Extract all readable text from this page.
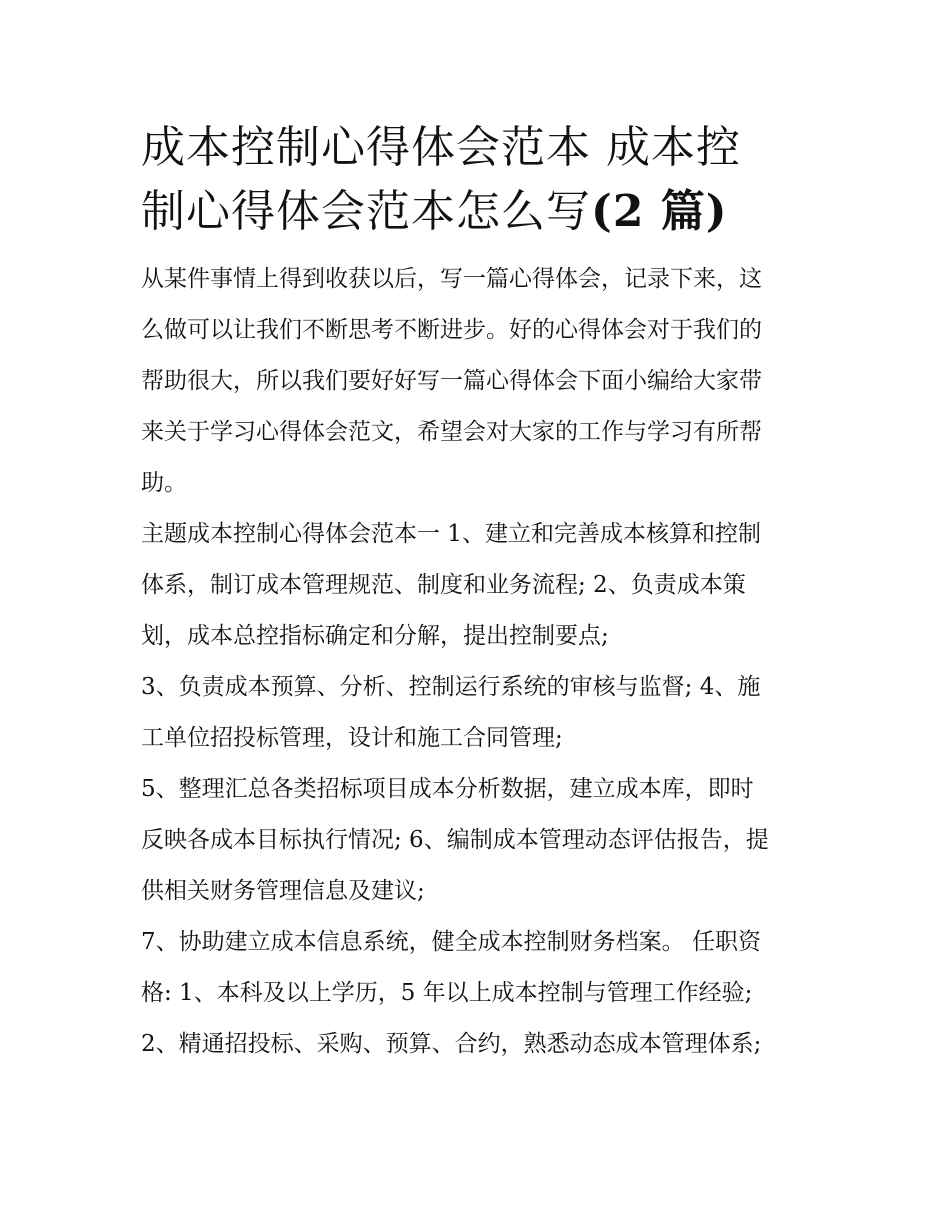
成本控制心得体会范本 成本控
制心得体会范本怎么写(2 篇)

从某件事情上得到收获以后，写一篇心得体会，记录下来，这
么做可以让我们不断思考不断进步。好的心得体会对于我们的
帮助很大，所以我们要好好写一篇心得体会下面小编给大家带
来关于学习心得体会范文，希望会对大家的工作与学习有所帮
助。

主题成本控制心得体会范本一 1、建立和完善成本核算和控制
体系，制订成本管理规范、制度和业务流程; 2、负责成本策
划，成本总控指标确定和分解，提出控制要点;

3、负责成本预算、分析、控制运行系统的审核与监督; 4、施
工单位招投标管理，设计和施工合同管理;

5、整理汇总各类招标项目成本分析数据，建立成本库，即时
反映各成本目标执行情况; 6、编制成本管理动态评估报告，提
供相关财务管理信息及建议;

7、协助建立成本信息系统，健全成本控制财务档案。 任职资
格: 1、本科及以上学历，5 年以上成本控制与管理工作经验;

2、精通招投标、采购、预算、合约，熟悉动态成本管理体系;
